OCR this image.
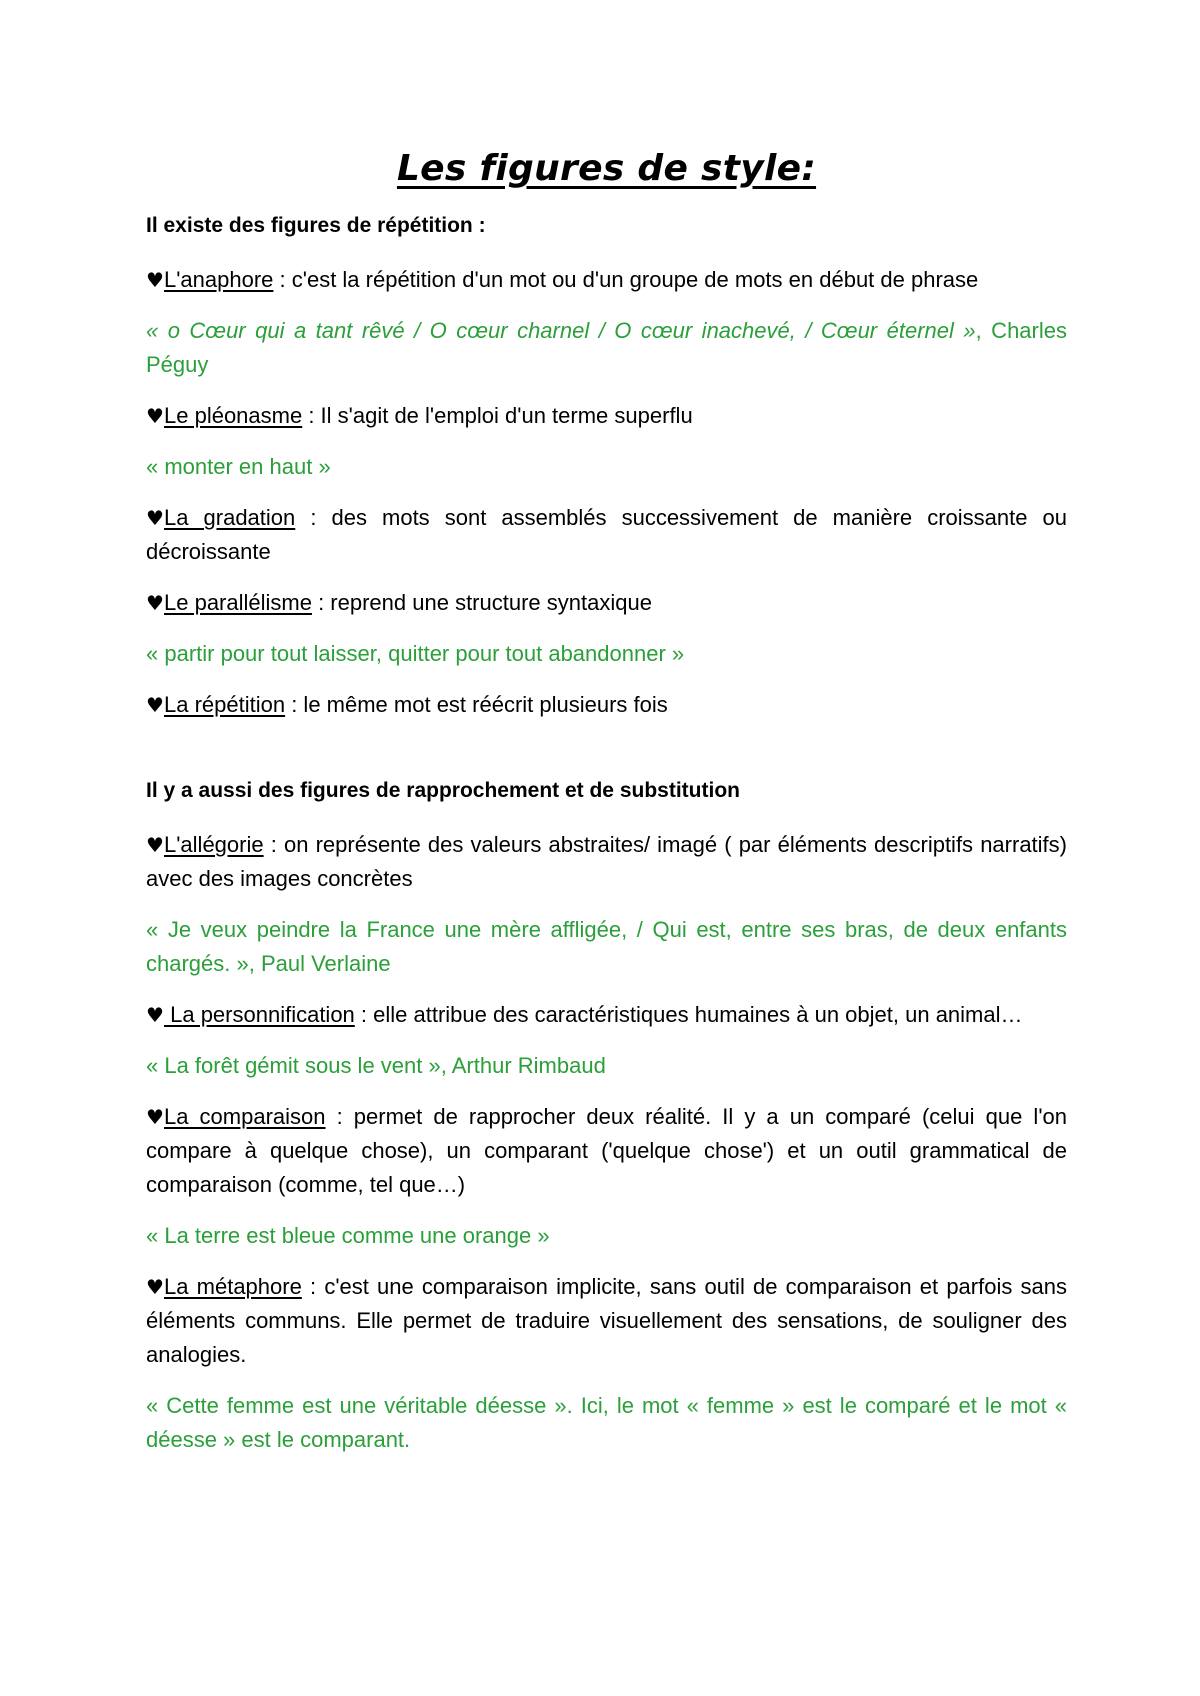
Les figures de style:

Il existe des figures de répétition :

♥L'anaphore : c'est la répétition d'un mot ou d'un groupe de mots en début de phrase

« o Cœur qui a tant rêvé / O cœur charnel / O cœur inachevé, / Cœur éternel », Charles Péguy

♥Le pléonasme : Il s'agit de l'emploi d'un terme superflu

« monter en haut »

♥La gradation : des mots sont assemblés successivement de manière croissante ou décroissante

♥Le parallélisme : reprend une structure syntaxique

« partir pour tout laisser, quitter pour tout abandonner »

♥La répétition : le même mot est réécrit plusieurs fois

Il y a aussi des figures de rapprochement et de substitution

♥L'allégorie : on représente des valeurs abstraites/ imagé ( par éléments descriptifs narratifs) avec des images concrètes

« Je veux peindre la France une mère affligée, / Qui est, entre ses bras, de deux enfants chargés. », Paul Verlaine

♥ La personnification : elle attribue des caractéristiques humaines à un objet, un animal…

« La forêt gémit sous le vent », Arthur Rimbaud

♥La comparaison : permet de rapprocher deux réalité. Il y a un comparé (celui que l'on compare à quelque chose), un comparant ('quelque chose') et un outil grammatical de comparaison (comme, tel que…)

« La terre est bleue comme une orange »

♥La métaphore : c'est une comparaison implicite, sans outil de comparaison et parfois sans éléments communs. Elle permet de traduire visuellement des sensations, de souligner des analogies.

« Cette femme est une véritable déesse ». Ici, le mot « femme » est le comparé et le mot « déesse » est le comparant.
